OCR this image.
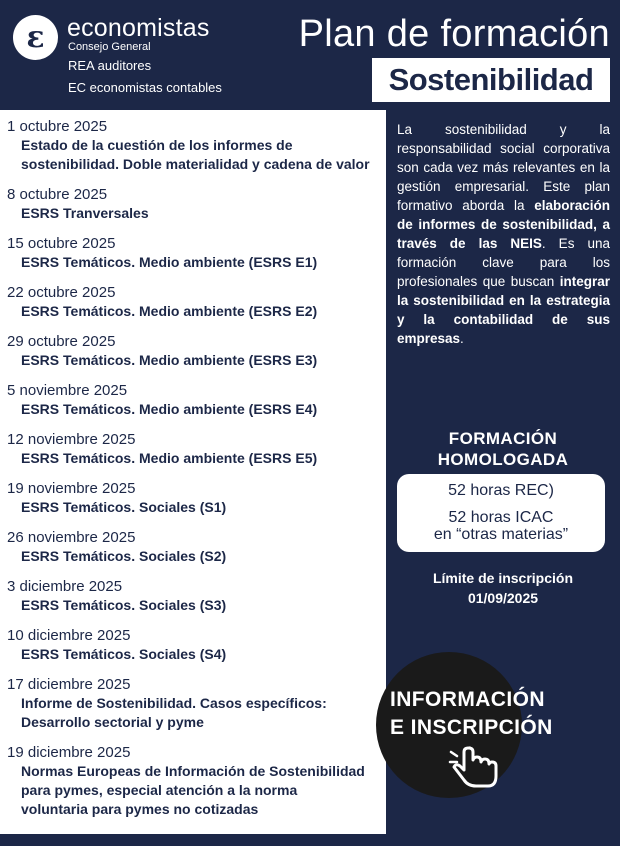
ε economistas
Consejo General
REA auditores
EC economistas contables
Plan de formación
Sostenibilidad
1 octubre 2025
Estado de la cuestión de los informes de
sostenibilidad. Doble materialidad y cadena de valor
8 octubre 2025
ESRS Tranversales
15 octubre 2025
ESRS Temáticos. Medio ambiente (ESRS E1)
22 octubre 2025
ESRS Temáticos. Medio ambiente (ESRS E2)
29 octubre 2025
ESRS Temáticos. Medio ambiente (ESRS E3)
5 noviembre 2025
ESRS Temáticos. Medio ambiente (ESRS E4)
12 noviembre 2025
ESRS Temáticos. Medio ambiente (ESRS E5)
19 noviembre 2025
ESRS Temáticos. Sociales (S1)
26 noviembre 2025
ESRS Temáticos. Sociales (S2)
3 diciembre 2025
ESRS Temáticos. Sociales (S3)
10 diciembre 2025
ESRS Temáticos. Sociales (S4)
17 diciembre 2025
Informe de Sostenibilidad. Casos específicos:
Desarrollo sectorial y pyme
19 diciembre 2025
Normas Europeas de Información de Sostenibilidad
para pymes, especial atención a la norma
voluntaria para pymes no cotizadas

La sostenibilidad y la responsabilidad social corporativa son cada vez más relevantes en la gestión empresarial. Este plan formativo aborda la elaboración de informes de sostenibilidad, a través de las NEIS. Es una formación clave para los profesionales que buscan integrar la sostenibilidad en la estrategia y la contabilidad de sus empresas.

FORMACIÓN
HOMOLOGADA
52 horas REC)
52 horas ICAC
en “otras materias”
Límite de inscripción
01/09/2025
INFORMACIÓN
E INSCRIPCIÓN
